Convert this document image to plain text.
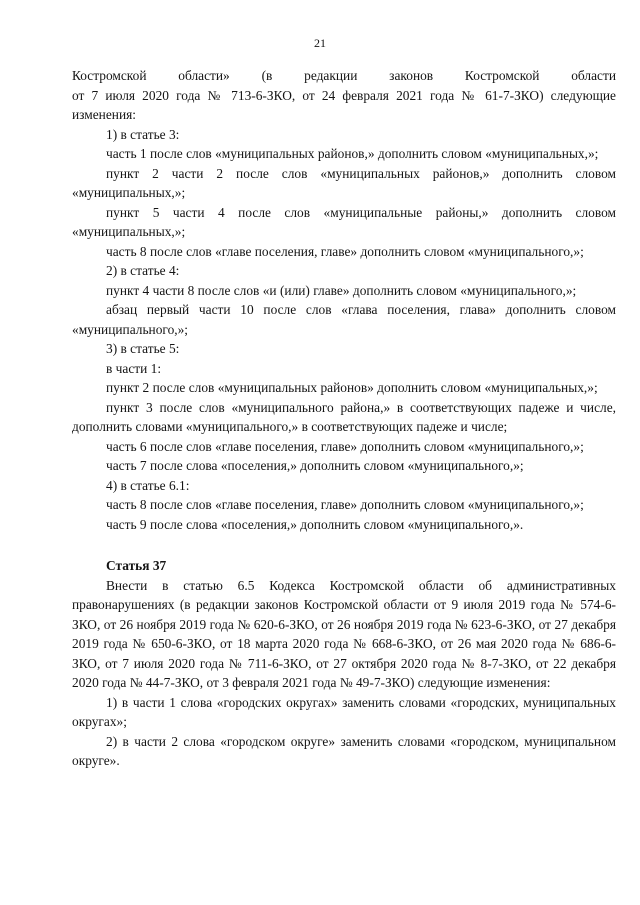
21

Костромской области» (в редакции законов Костромской области

от 7 июля 2020 года № 713-6-ЗКО, от 24 февраля 2021 года № 61-7-ЗКО) следующие изменения:

1) в статье 3:

часть 1 после слов «муниципальных районов,» дополнить словом «муниципальных,»;

пункт 2 части 2 после слов «муниципальных районов,» дополнить словом «муниципальных,»;

пункт 5 части 4 после слов «муниципальные районы,» дополнить словом «муниципальных,»;

часть 8 после слов «главе поселения, главе» дополнить словом «муниципального,»;

2) в статье 4:

пункт 4 части 8 после слов «и (или) главе» дополнить словом «муниципального,»;

абзац первый части 10 после слов «глава поселения, глава» дополнить словом «муниципального,»;

3) в статье 5:

в части 1:

пункт 2 после слов «муниципальных районов» дополнить словом «муниципальных,»;

пункт 3 после слов «муниципального района,» в соответствующих падеже и числе, дополнить словами «муниципального,» в соответствующих падеже и числе;

часть 6 после слов «главе поселения, главе» дополнить словом «муниципального,»;

часть 7 после слова «поселения,» дополнить словом «муниципального,»;

4) в статье 6.1:

часть 8 после слов «главе поселения, главе» дополнить словом «муниципального,»;

часть 9 после слова «поселения,» дополнить словом «муниципального,».

Статья 37

Внести в статью 6.5 Кодекса Костромской области об административных правонарушениях (в редакции законов Костромской области от 9 июля 2019 года № 574-6-ЗКО, от 26 ноября 2019 года № 620-6-ЗКО, от 26 ноября 2019 года № 623-6-ЗКО, от 27 декабря 2019 года № 650-6-ЗКО, от 18 марта 2020 года № 668-6-ЗКО, от 26 мая 2020 года № 686-6-ЗКО, от 7 июля 2020 года № 711-6-ЗКО, от 27 октября 2020 года № 8-7-ЗКО, от 22 декабря 2020 года № 44-7-ЗКО, от 3 февраля 2021 года № 49-7-ЗКО) следующие изменения:

1) в части 1 слова «городских округах» заменить словами «городских, муниципальных округах»;

2) в части 2 слова «городском округе» заменить словами «городском, муниципальном округе».
